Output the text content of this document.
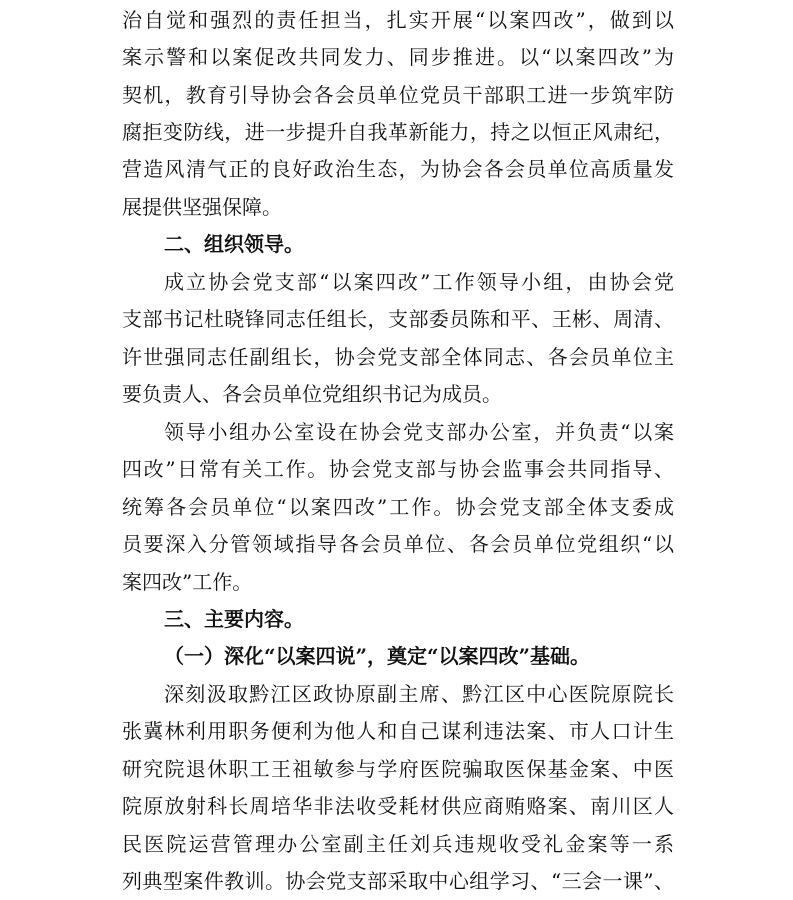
治自觉和强烈的责任担当，扎实开展“以案四改”，做到以
案示警和以案促改共同发力、同步推进。以“以案四改”为
契机，教育引导协会各会员单位党员干部职工进一步筑牢防
腐拒变防线，进一步提升自我革新能力，持之以恒正风肃纪，
营造风清气正的良好政治生态，为协会各会员单位高质量发
展提供坚强保障。
二、组织领导。
成立协会党支部“以案四改”工作领导小组，由协会党
支部书记杜晓锋同志任组长，支部委员陈和平、王彬、周清、
许世强同志任副组长，协会党支部全体同志、各会员单位主
要负责人、各会员单位党组织书记为成员。
领导小组办公室设在协会党支部办公室，并负责“以案
四改”日常有关工作。协会党支部与协会监事会共同指导、
统筹各会员单位“以案四改”工作。协会党支部全体支委成
员要深入分管领域指导各会员单位、各会员单位党组织“以
案四改”工作。
三、主要内容。
（一）深化“以案四说”，奠定“以案四改”基础。
深刻汲取黔江区政协原副主席、黔江区中心医院原院长
张冀林利用职务便利为他人和自己谋利违法案、市人口计生
研究院退休职工王祖敏参与学府医院骗取医保基金案、中医
院原放射科长周培华非法收受耗材供应商贿赂案、南川区人
民医院运营管理办公室副主任刘兵违规收受礼金案等一系
列典型案件教训。协会党支部采取中心组学习、“三会一课”、
